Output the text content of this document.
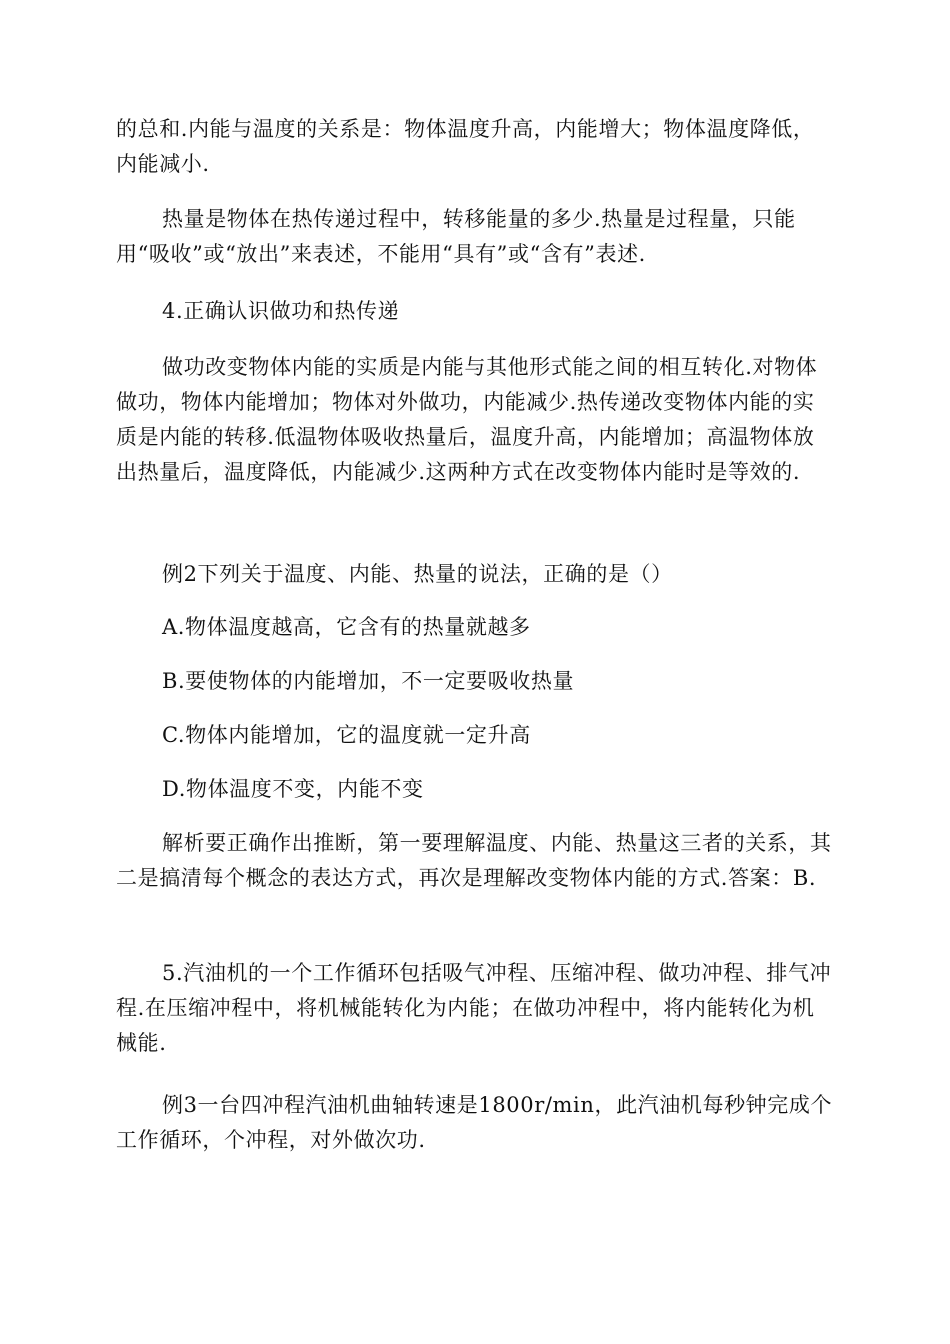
的总和.内能与温度的关系是：物体温度升高，内能增大；物体温度降低，内能减小.

热量是物体在热传递过程中，转移能量的多少.热量是过程量，只能用“吸收”或“放出”来表述，不能用“具有”或“含有”表述.

4.正确认识做功和热传递

做功改变物体内能的实质是内能与其他形式能之间的相互转化.对物体做功，物体内能增加；物体对外做功，内能减少.热传递改变物体内能的实质是内能的转移.低温物体吸收热量后，温度升高，内能增加；高温物体放出热量后，温度降低，内能减少.这两种方式在改变物体内能时是等效的.

例2下列关于温度、内能、热量的说法，正确的是（）

A.物体温度越高，它含有的热量就越多

B.要使物体的内能增加，不一定要吸收热量

C.物体内能增加，它的温度就一定升高

D.物体温度不变，内能不变

解析要正确作出推断，第一要理解温度、内能、热量这三者的关系，其二是搞清每个概念的表达方式，再次是理解改变物体内能的方式.答案：B.

5.汽油机的一个工作循环包括吸气冲程、压缩冲程、做功冲程、排气冲程.在压缩冲程中，将机械能转化为内能；在做功冲程中，将内能转化为机械能.

例3一台四冲程汽油机曲轴转速是1800r/min，此汽油机每秒钟完成个工作循环，个冲程，对外做次功.
